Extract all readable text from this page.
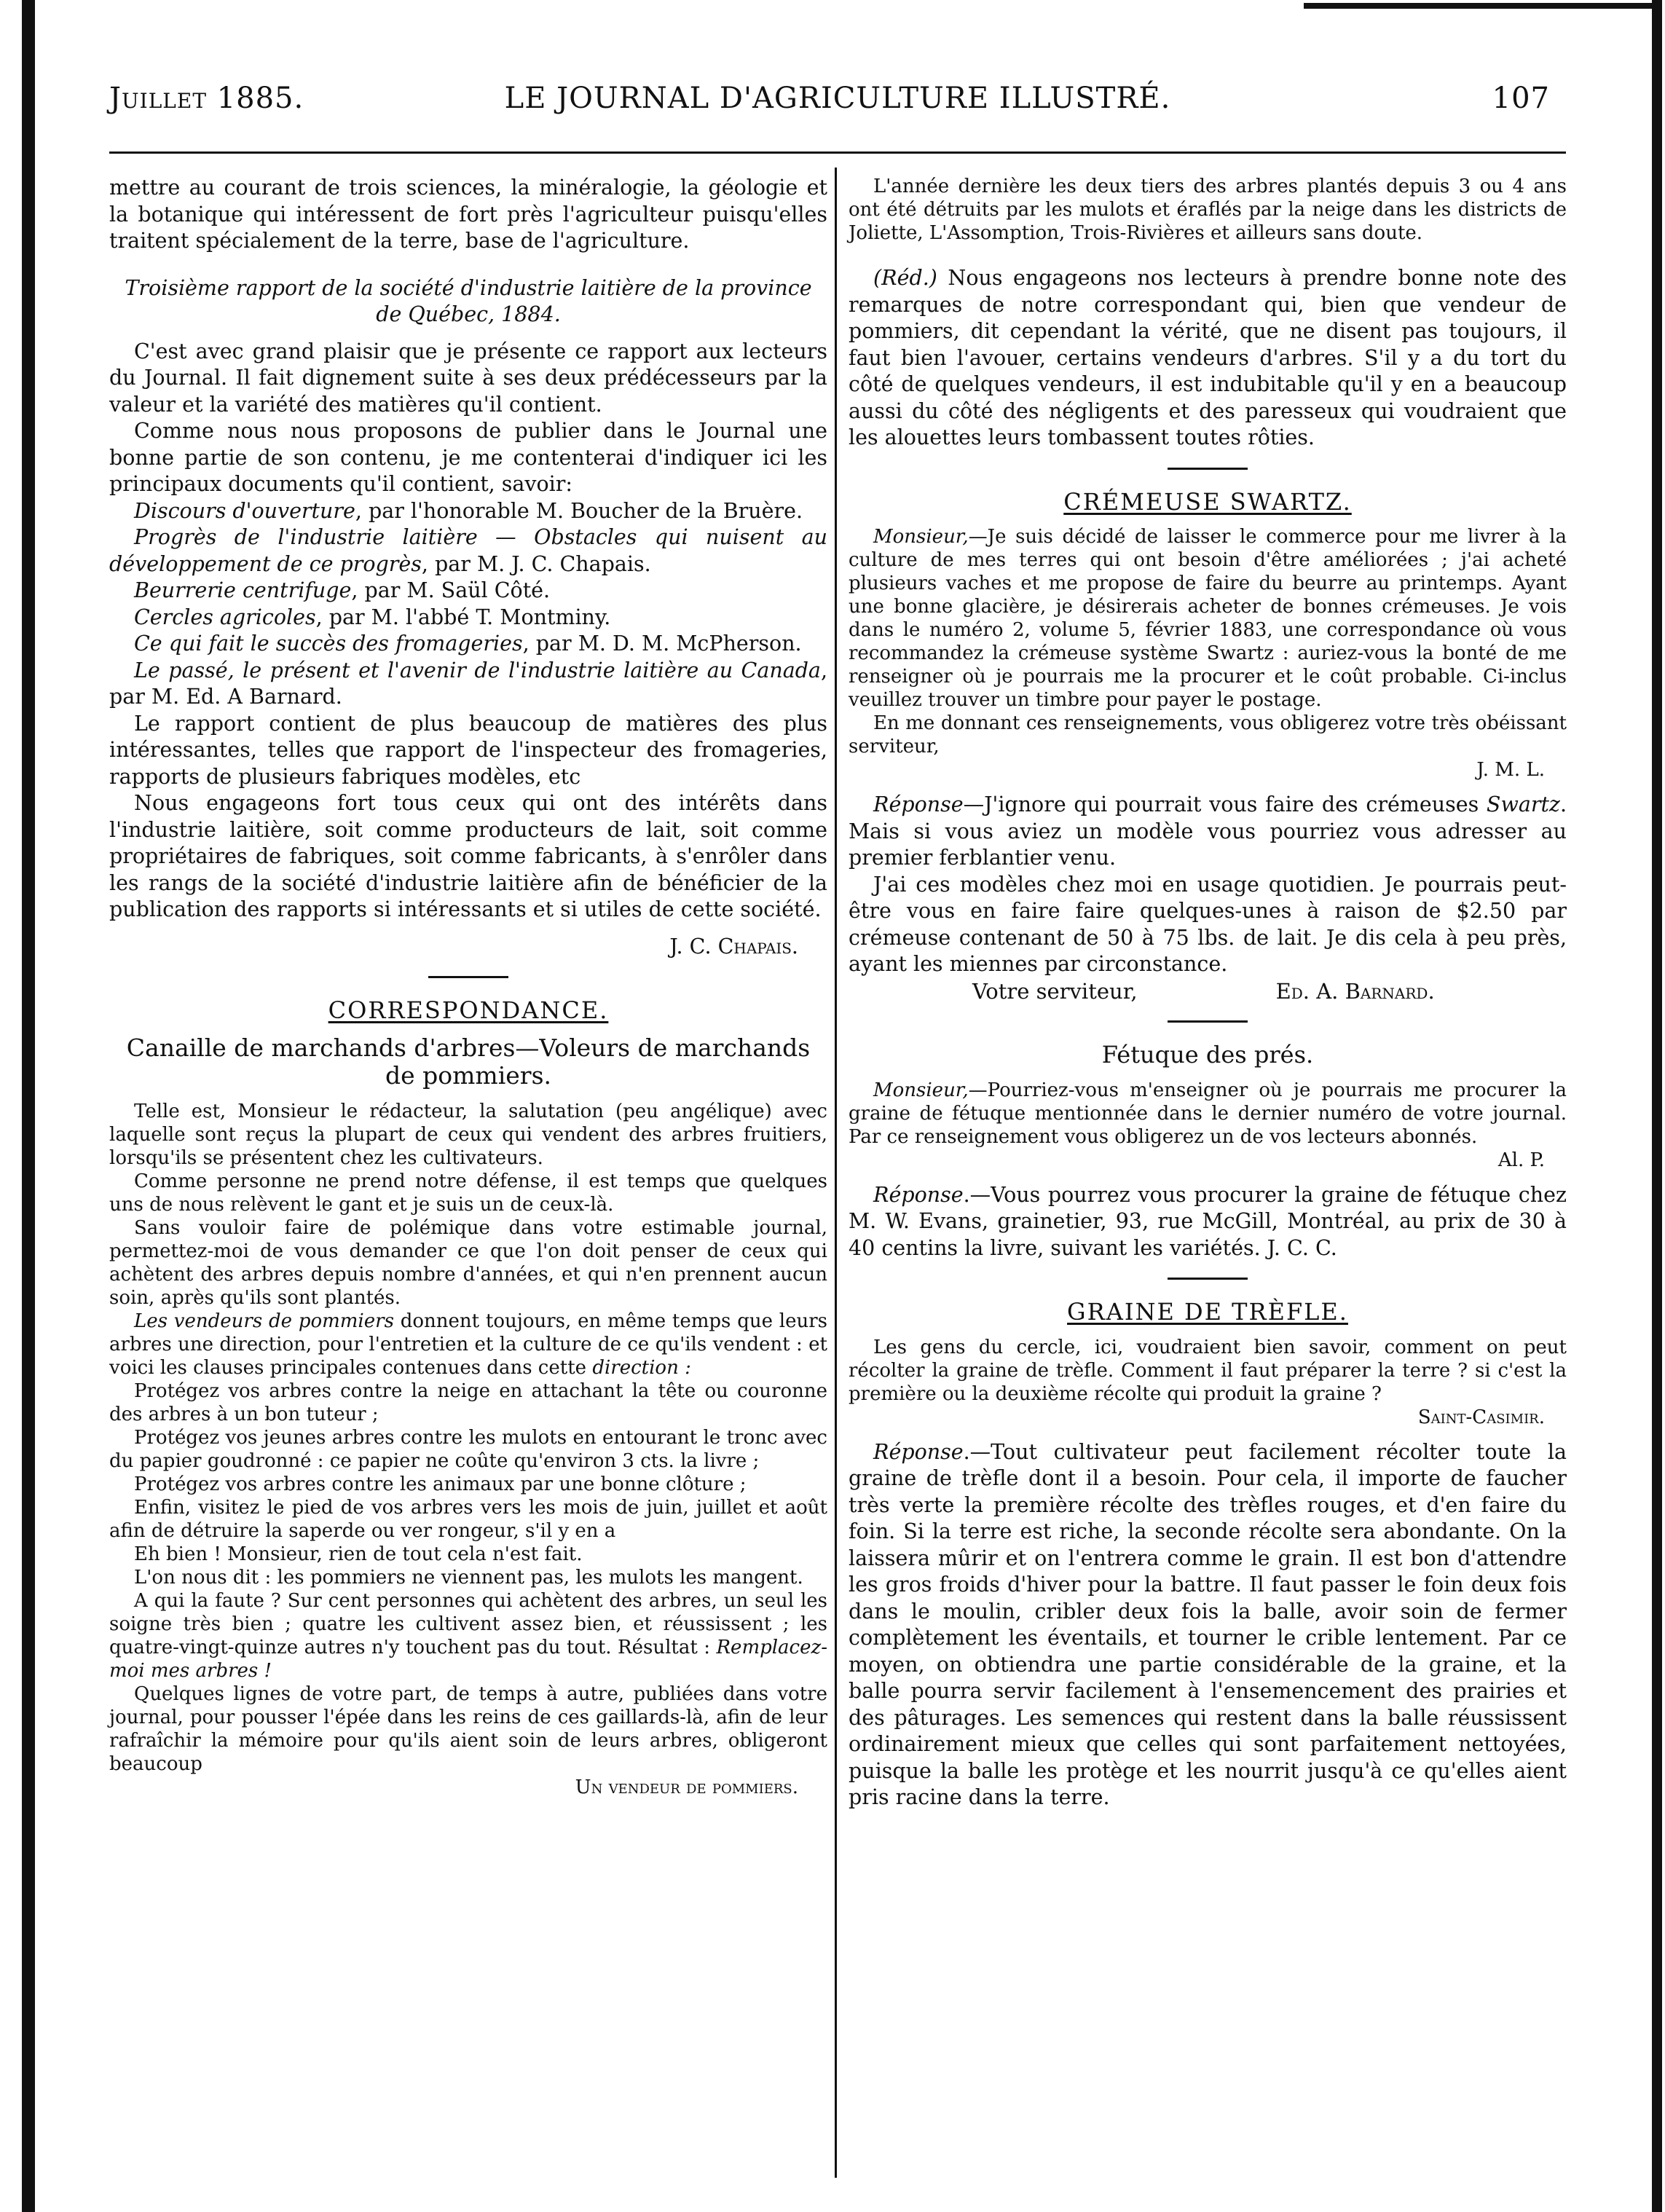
Juillet 1885.	LE JOURNAL D'AGRICULTURE ILLUSTRÉ.	107

mettre au courant de trois sciences, la minéralogie, la géologie et la botanique qui intéressent de fort près l'agriculteur puisqu'elles traitent spécialement de la terre, base de l'agriculture.

Troisième rapport de la société d'industrie laitière de la province de Québec, 1884.

C'est avec grand plaisir que je présente ce rapport aux lecteurs du Journal. Il fait dignement suite à ses deux prédécesseurs par la valeur et la variété des matières qu'il contient.

Comme nous nous proposons de publier dans le Journal une bonne partie de son contenu, je me contenterai d'indiquer ici les principaux documents qu'il contient, savoir:

Discours d'ouverture, par l'honorable M. Boucher de la Bruère.

Progrès de l'industrie laitière — Obstacles qui nuisent au développement de ce progrès, par M. J. C. Chapais.

Beurrerie centrifuge, par M. Saül Côté.

Cercles agricoles, par M. l'abbé T. Montminy.

Ce qui fait le succès des fromageries, par M. D. M. McPherson.

Le passé, le présent et l'avenir de l'industrie laitière au Canada, par M. Ed. A Barnard.

Le rapport contient de plus beaucoup de matières des plus intéressantes, telles que rapport de l'inspecteur des fromageries, rapports de plusieurs fabriques modèles, etc

Nous engageons fort tous ceux qui ont des intérêts dans l'industrie laitière, soit comme producteurs de lait, soit comme propriétaires de fabriques, soit comme fabricants, à s'enrôler dans les rangs de la société d'industrie laitière afin de bénéficier de la publication des rapports si intéressants et si utiles de cette société.

J. C. Chapais.

CORRESPONDANCE.

Canaille de marchands d'arbres—Voleurs de marchands de pommiers.

Telle est, Monsieur le rédacteur, la salutation (peu angélique) avec laquelle sont reçus la plupart de ceux qui vendent des arbres fruitiers, lorsqu'ils se présentent chez les cultivateurs.

Comme personne ne prend notre défense, il est temps que quelques uns de nous relèvent le gant et je suis un de ceux-là.

Sans vouloir faire de polémique dans votre estimable journal, permettez-moi de vous demander ce que l'on doit penser de ceux qui achètent des arbres depuis nombre d'années, et qui n'en prennent aucun soin, après qu'ils sont plantés.

Les vendeurs de pommiers donnent toujours, en même temps que leurs arbres une direction, pour l'entretien et la culture de ce qu'ils vendent : et voici les clauses principales contenues dans cette direction :

Protégez vos arbres contre la neige en attachant la tête ou couronne des arbres à un bon tuteur ;

Protégez vos jeunes arbres contre les mulots en entourant le tronc avec du papier goudronné : ce papier ne coûte qu'environ 3 cts. la livre ;

Protégez vos arbres contre les animaux par une bonne clôture ;

Enfin, visitez le pied de vos arbres vers les mois de juin, juillet et août afin de détruire la saperde ou ver rongeur, s'il y en a

Eh bien ! Monsieur, rien de tout cela n'est fait.

L'on nous dit : les pommiers ne viennent pas, les mulots les mangent.

A qui la faute ? Sur cent personnes qui achètent des arbres, un seul les soigne très bien ; quatre les cultivent assez bien, et réussissent ; les quatre-vingt-quinze autres n'y touchent pas du tout. Résultat : Remplacez-moi mes arbres !

Quelques lignes de votre part, de temps à autre, publiées dans votre journal, pour pousser l'épée dans les reins de ces gaillards-là, afin de leur rafraîchir la mémoire pour qu'ils aient soin de leurs arbres, obligeront beaucoup

Un vendeur de pommiers.

L'année dernière les deux tiers des arbres plantés depuis 3 ou 4 ans ont été détruits par les mulots et éraflés par la neige dans les districts de Joliette, L'Assomption, Trois-Rivières et ailleurs sans doute.

(Réd.) Nous engageons nos lecteurs à prendre bonne note des remarques de notre correspondant qui, bien que vendeur de pommiers, dit cependant la vérité, que ne disent pas toujours, il faut bien l'avouer, certains vendeurs d'arbres. S'il y a du tort du côté de quelques vendeurs, il est indubitable qu'il y en a beaucoup aussi du côté des négligents et des paresseux qui voudraient que les alouettes leurs tombassent toutes rôties.

CRÉMEUSE SWARTZ.

Monsieur,—Je suis décidé de laisser le commerce pour me livrer à la culture de mes terres qui ont besoin d'être améliorées ; j'ai acheté plusieurs vaches et me propose de faire du beurre au printemps. Ayant une bonne glacière, je désirerais acheter de bonnes crémeuses. Je vois dans le numéro 2, volume 5, février 1883, une correspondance où vous recommandez la crémeuse système Swartz : auriez-vous la bonté de me renseigner où je pourrais me la procurer et le coût probable. Ci-inclus veuillez trouver un timbre pour payer le postage.

En me donnant ces renseignements, vous obligerez votre très obéissant serviteur,

J. M. L.

Réponse—J'ignore qui pourrait vous faire des crémeuses Swartz. Mais si vous aviez un modèle vous pourriez vous adresser au premier ferblantier venu.

J'ai ces modèles chez moi en usage quotidien. Je pourrais peut-être vous en faire faire quelques-unes à raison de $2.50 par crémeuse contenant de 50 à 75 lbs. de lait. Je dis cela à peu près, ayant les miennes par circonstance.

Votre serviteur,	Ed. A. Barnard.

Fétuque des prés.

Monsieur,—Pourriez-vous m'enseigner où je pourrais me procurer la graine de fétuque mentionnée dans le dernier numéro de votre journal. Par ce renseignement vous obligerez un de vos lecteurs abonnés.

Al. P.

Réponse.—Vous pourrez vous procurer la graine de fétuque chez M. W. Evans, grainetier, 93, rue McGill, Montréal, au prix de 30 à 40 centins la livre, suivant les variétés. J. C. C.

GRAINE DE TRÈFLE.

Les gens du cercle, ici, voudraient bien savoir, comment on peut récolter la graine de trèfle. Comment il faut préparer la terre ? si c'est la première ou la deuxième récolte qui produit la graine ?

Saint-Casimir.

Réponse.—Tout cultivateur peut facilement récolter toute la graine de trèfle dont il a besoin. Pour cela, il importe de faucher très verte la première récolte des trèfles rouges, et d'en faire du foin. Si la terre est riche, la seconde récolte sera abondante. On la laissera mûrir et on l'entrera comme le grain. Il est bon d'attendre les gros froids d'hiver pour la battre. Il faut passer le foin deux fois dans le moulin, cribler deux fois la balle, avoir soin de fermer complètement les éventails, et tourner le crible lentement. Par ce moyen, on obtiendra une partie considérable de la graine, et la balle pourra servir facilement à l'ensemencement des prairies et des pâturages. Les semences qui restent dans la balle réussissent ordinairement mieux que celles qui sont parfaitement nettoyées, puisque la balle les protège et les nourrit jusqu'à ce qu'elles aient pris racine dans la terre.
